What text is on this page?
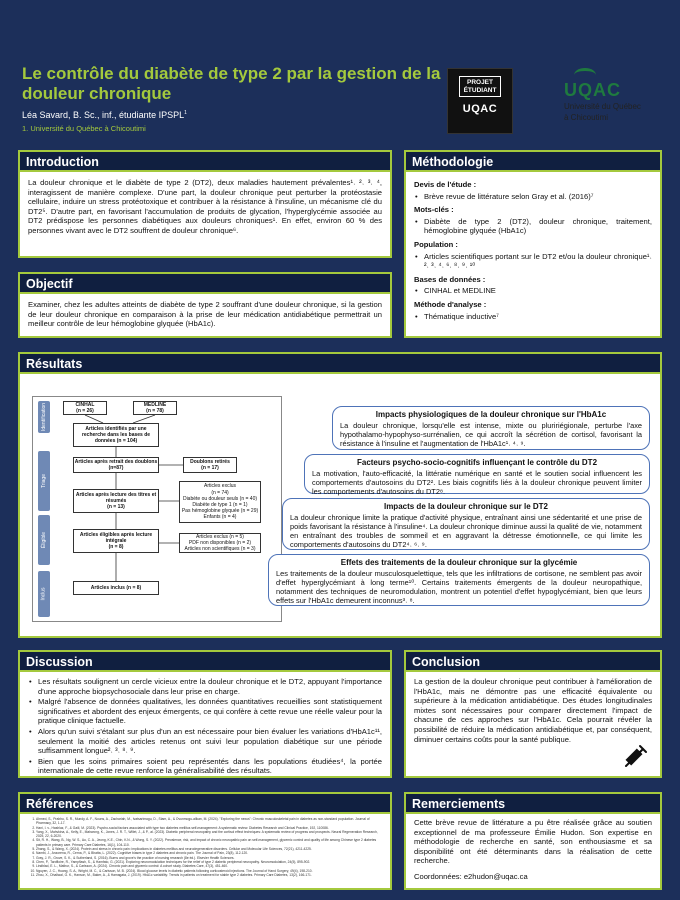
Le contrôle du diabète de type 2 par la gestion de la douleur chronique
Léa Savard, B. Sc., inf., étudiante IPSPL$^1$
1. Université du Québec à Chicoutimi
PROJET ÉTUDIANT
UQAC
UQAC
Université du Québec
à Chicoutimi
Introduction
La douleur chronique et le diabète de type 2 (DT2), deux maladies hautement prévalentes¹˒ ²˒ ³˒ ⁴, interagissent de manière complexe. D'une part, la douleur chronique peut perturber la protéostasie cellulaire, induire un stress protéotoxique et contribuer à la résistance à l'insuline, un mécanisme clé du DT2⁵. D'autre part, en favorisant l'accumulation de produits de glycation, l'hyperglycémie associée au DT2 prédispose les personnes diabétiques aux douleurs chroniques¹. En effet, environ 60 % des personnes vivant avec le DT2 souffrent de douleur chronique⁶.
Objectif
Examiner, chez les adultes atteints de diabète de type 2 souffrant d'une douleur chronique, si la gestion de leur douleur chronique en comparaison à la prise de leur médication antidiabétique permettrait un meilleur contrôle de leur hémoglobine glyquée (HbA1c).
Méthodologie
Devis de l'étude :
• Brève revue de littérature selon Gray et al. (2016)⁷
Mots-clés :
• Diabète de type 2 (DT2), douleur chronique, traitement, hémoglobine glyquée (HbA1c)
Population :
• Articles scientifiques portant sur le DT2 et/ou la douleur chronique¹˒ ²˒ ³˒ ⁴˒ ⁶˒ ⁸˒ ⁹˒ ¹⁰
Bases de données :
• CINHAL et MEDLINE
Méthode d'analyse :
• Thématique inductive⁷
Résultats
Identification
Triage
Éligible
Inclus
CINHAL
(n = 26)
MEDLINE
(n = 78)
Articles identifiés par une recherche dans les bases de données (n = 104)
Articles après retrait des doublons (n=87)
Doublons retirés
(n = 17)
Articles après lecture des titres et résumés
(n = 13)
Articles exclus
(n = 74)
Diabète ou douleur seuls (n = 40)
Diabète de type 1 (n = 1)
Pas hémoglobine glyquée (n = 29)
Enfants (n = 4)
Articles éligibles après lecture intégrale
(n = 8)
Articles exclus (n = 5)
PDF non disponibles (n = 2)
Articles non scientifiques (n = 3)
Articles inclus (n = 8)
Impacts physiologiques de la douleur chronique sur l'HbA1c
La douleur chronique, lorsqu'elle est intense, mixte ou pluririégionale, perturbe l'axe hypothalamo-hypophyso-surrénalien, ce qui accroît la sécrétion de cortisol, favorisant la résistance à l'insuline et l'augmentation de l'HbA1c¹˒ ⁴˒ ⁹.
Facteurs psycho-socio-cognitifs influençant le contrôle du DT2
La motivation, l'auto-efficacité, la littératie numérique en santé et le soutien social influencent les comportements d'autosoins du DT2². Les biais cognitifs liés à la douleur chronique peuvent limiter les comportements d'autosoins du DT2⁸.
Impacts de la douleur chronique sur le DT2
La douleur chronique limite la pratique d'activité physique, entraînant ainsi une sédentarité et une prise de poids favorisant la résistance à l'insuline⁴. La douleur chronique diminue aussi la qualité de vie, notamment en entraînant des troubles de sommeil et en aggravant la détresse émotionnelle, ce qui limite les comportements d'autosoins du DT2⁴˒ ⁶˒ ⁹.
Effets des traitements de la douleur chronique sur la glycémie
Les traitements de la douleur musculosquelettique, tels que les infiltrations de cortisone, ne semblent pas avoir d'effet hyperglycémiant à long terme¹⁰. Certains traitements émergents de la douleur neuropathique, notamment des techniques de neuromodulation, montrent un potentiel d'effet hypoglycémiant, bien que leurs effets sur l'HbA1c demeurent inconnus³˒ ⁸.
Discussion
• Les résultats soulignent un cercle vicieux entre la douleur chronique et le DT2, appuyant l'importance d'une approche biopsychosociale dans leur prise en charge.
• Malgré l'absence de données qualitatives, les données quantitatives recueillies sont statistiquement significatives et abordent des enjeux émergents, ce qui confère à cette revue une réelle valeur pour la pratique clinique factuelle.
• Alors qu'un suivi s'étalant sur plus d'un an est nécessaire pour bien évaluer les variations d'HbA1c¹¹, seulement la moitié des articles retenus ont suivi leur population diabétique sur une période suffisamment longue²˒ ³˒ ⁸˒ ⁹.
• Bien que les soins primaires soient peu représentés dans les populations étudiées⁴, la portée internationale de cette revue renforce la généralisabilité des résultats.
Conclusion
La gestion de la douleur chronique peut contribuer à l'amélioration de l'HbA1c, mais ne démontre pas une efficacité équivalente ou supérieure à la médication antidiabétique. Des études longitudinales mixtes sont nécessaires pour comparer directement l'impact de chacune de ces approches sur l'HbA1c. Cela pourrait révéler la possibilité de réduire la médication antidiabétique et, par conséquent, diminuer certains coûts pour la santé publique.
Références
1. Ahmed, S., Prabhu, S. R., Mundy, A. F., Nouns, A., Zachariah, M., Ivatsarimagu, D., Stam, A., & Ovunmogu-alikan, M. (2024). "Exploring the nexus": Chronic musculoskeletal pain in diabetes as non-standard population. Journal of Pharmacy, 32, 1-17.
2. Hani, I. v., Hashlaz, F., & Gaili, M. (2023). Psycho-social factors associated with type two diabetes mellitus self-management: A systematic review. Diabetes Research and Clinical Practice, 192, 110086.
3. Yang, X., Mahvkina, A., Kelly, E., Mahwong, K., Jones, J. R. T., Willet, J., & P., al. (2023). Diabetic peripheral neuropathy and the cortisol effect techniques: A systematic review of progress and prospects. Neural Regeneration Research, 2025, 22, 6-2020.
4. Sit, R. H., Wang, B., Ng, W. S., Au, C. A., Jeong, K.E., Chin, K.N., & Wong, S. Y. (2022). Prevalence, risk, and impact of chronic neuropathic pain on self-management, glycemic control and quality of life among Chinese type 2 diabetes patients in primary care. Primary Care Diabetes, 16(1), 104-110.
5. Zhang, S., & Wang, X. (2024). Protein and stress in chronic pain: implications in diabetes mellitus and neurodegenerative disorders. Cellular and Molecular Life Sciences, 72(21), 4211-4225.
6. Nambi, J., Anzorena, R., Cerna, P., & Bhatta, L. (2022). Cognitive biases in type 2 diabetes and chronic pain. The Journal of Pain, 23(8), 112-120.
7. Gray, J. R., Grove, S. K., & Sutherland, S. (2016). Burns and grove's the practice of nursing research (8e éd.). Elsevier Health Sciences.
8. Chen, P., Tardfloire, R., Yampflash, S., & Hamfato, G. (2021). Exploring neuromodulation techniques for the relief of type 2 diabetic peripheral neuropathy. Neuromodulation, 24(5), 895-902.
9. Lindblad, E. L., Mathur, S., & Carlsson, A. (2024). Chronic pain and glycemic control: A cohort study. Diabetes Care, 47(3), 451-460.
10. Nguyen, J. C., Huang, S. A., Wright, M. C., & Carlsson, M. B. (2024). Blood glucose levels in diabetic patients following corticosteroid injections. The Journal of Hand Surgery, 49(4), 198-210.
11. Zhou, X., Dhaliwal, G. K., Hanson, M., Baker, A., & Hamagata, J. (2019). HbA1c variability: Trends in patients on treatment for stable type 2 diabetes. Primary Care Diabetes, 13(2), 166-171.
Remerciements
Cette brève revue de littérature a pu être réalisée grâce au soutien exceptionnel de ma professeure Émilie Hudon. Son expertise en méthodologie de recherche en santé, son enthousiasme et sa disponibilité ont été déterminants dans la réalisation de cette recherche.
Coordonnées: e2hudon@uqac.ca
